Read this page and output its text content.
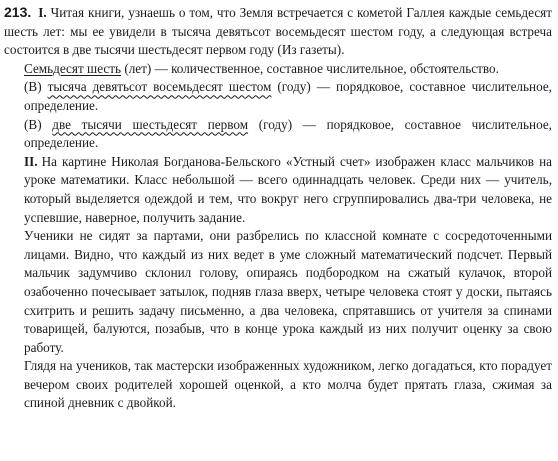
213. I. Читая книги, узнаешь о том, что Земля встречается с кометой Галлея каждые семьдесят шесть лет: мы ее увидели в тысяча девятьсот восемьдесят шестом году, а следующая встреча состоится в две тысячи шестьдесят первом году (Из газеты).

Семьдесят шесть (лет) — количественное, составное числительное, обстоятельство.

(В) тысяча девятьсот восемьдесят шестом (году) — порядковое, составное числительное, определение.

(В) две тысячи шестьдесят первом (году) — порядковое, составное числительное, определение.

II. На картине Николая Богданова-Бельского «Устный счет» изображен класс мальчиков на уроке математики. Класс небольшой — всего одиннадцать человек. Среди них — учитель, который выделяется одеждой и тем, что вокруг него сгруппировались два-три человека, не успевшие, наверное, получить задание.

Ученики не сидят за партами, они разбрелись по классной комнате с сосредоточенными лицами. Видно, что каждый из них ведет в уме сложный математический подсчет. Первый мальчик задумчиво склонил голову, опираясь подбородком на сжатый кулачок, второй озабоченно почесывает затылок, подняв глаза вверх, четыре человека стоят у доски, пытаясь схитрить и решить задачу письменно, а два человека, спрятавшись от учителя за спинами товарищей, балуются, позабыв, что в конце урока каждый из них получит оценку за свою работу.

Глядя на учеников, так мастерски изображенных художником, легко догадаться, кто порадует вечером своих родителей хорошей оценкой, а кто молча будет прятать глаза, сжимая за спиной дневник с двойкой.
